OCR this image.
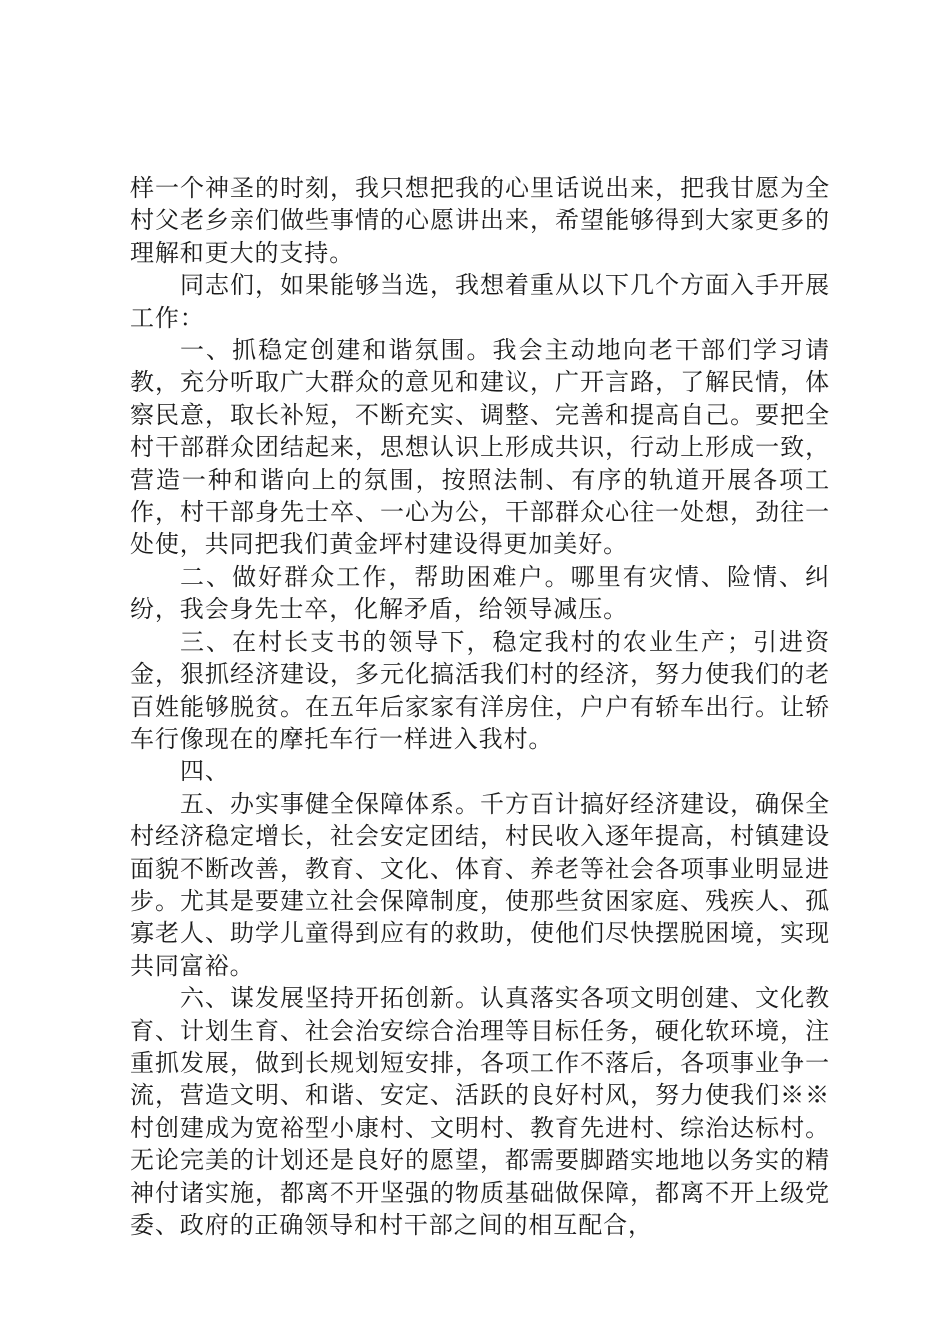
样一个神圣的时刻，我只想把我的心里话说出来，把我甘愿为全村父老乡亲们做些事情的心愿讲出来，希望能够得到大家更多的理解和更大的支持。

同志们，如果能够当选，我想着重从以下几个方面入手开展工作：

一、抓稳定创建和谐氛围。我会主动地向老干部们学习请教，充分听取广大群众的意见和建议，广开言路，了解民情，体察民意，取长补短，不断充实、调整、完善和提高自己。要把全村干部群众团结起来，思想认识上形成共识，行动上形成一致，营造一种和谐向上的氛围，按照法制、有序的轨道开展各项工作，村干部身先士卒、一心为公，干部群众心往一处想，劲往一处使，共同把我们黄金坪村建设得更加美好。

二、做好群众工作，帮助困难户。哪里有灾情、险情、纠纷，我会身先士卒，化解矛盾，给领导减压。

三、在村长支书的领导下，稳定我村的农业生产；引进资金，狠抓经济建设，多元化搞活我们村的经济，努力使我们的老百姓能够脱贫。在五年后家家有洋房住，户户有轿车出行。让轿车行像现在的摩托车行一样进入我村。

四、

五、办实事健全保障体系。千方百计搞好经济建设，确保全村经济稳定增长，社会安定团结，村民收入逐年提高，村镇建设面貌不断改善，教育、文化、体育、养老等社会各项事业明显进步。尤其是要建立社会保障制度，使那些贫困家庭、残疾人、孤寡老人、助学儿童得到应有的救助，使他们尽快摆脱困境，实现共同富裕。

六、谋发展坚持开拓创新。认真落实各项文明创建、文化教育、计划生育、社会治安综合治理等目标任务，硬化软环境，注重抓发展，做到长规划短安排，各项工作不落后，各项事业争一流，营造文明、和谐、安定、活跃的良好村风，努力使我们※※村创建成为宽裕型小康村、文明村、教育先进村、综治达标村。无论完美的计划还是良好的愿望，都需要脚踏实地地以务实的精神付诸实施，都离不开坚强的物质基础做保障，都离不开上级党委、政府的正确领导和村干部之间的相互配合，
